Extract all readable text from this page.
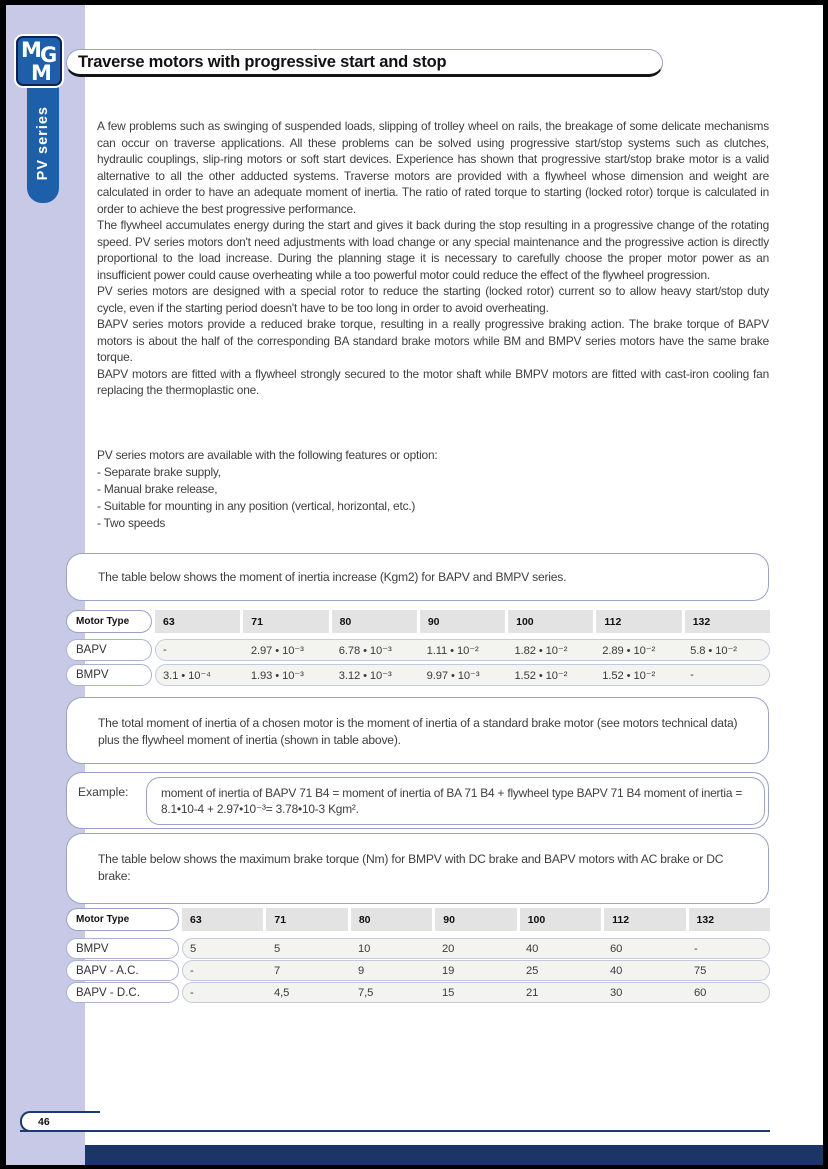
PV series
M
G
M Traverse motors with progressive start and stop

A few problems such as swinging of suspended loads, slipping of trolley wheel on rails, the breakage of some delicate mechanisms can occur on traverse applications. All these problems can be solved using progressive start/stop systems such as clutches, hydraulic couplings, slip-ring motors or soft start devices. Experience has shown that progressive start/stop brake motor is a valid alternative to all the other adducted systems. Traverse motors are provided with a flywheel whose dimension and weight are calculated in order to have an adequate moment of inertia. The ratio of rated torque to starting (locked rotor) torque is calculated in order to achieve the best progressive performance.

The flywheel accumulates energy during the start and gives it back during the stop resulting in a progressive change of the rotating speed. PV series motors don't need adjustments with load change or any special maintenance and the progressive action is directly proportional to the load increase. During the planning stage it is necessary to carefully choose the proper motor power as an insufficient power could cause overheating while a too powerful motor could reduce the effect of the flywheel progression.

PV series motors are designed with a special rotor to reduce the starting (locked rotor) current so to allow heavy start/stop duty cycle, even if the starting period doesn't have to be too long in order to avoid overheating.

BAPV series motors provide a reduced brake torque, resulting in a really progressive braking action. The brake torque of BAPV motors is about the half of the corresponding BA standard brake motors while BM and BMPV series motors have the same brake torque.

BAPV motors are fitted with a flywheel strongly secured to the motor shaft while BMPV motors are fitted with cast-iron cooling fan replacing the thermoplastic one.

PV series motors are available with the following features or option:
- Separate brake supply,
- Manual brake release,
- Suitable for mounting in any position (vertical, horizontal, etc.)
- Two speeds
The table below shows the moment of inertia increase (Kgm2) for BAPV and BMPV series.
Motor Type	63	71	80	90	100	112	132
BAPV	-	2.97 • 10⁻³	6.78 • 10⁻³	1.11 • 10⁻²	1.82 • 10⁻²	2.89 • 10⁻²	5.8 • 10⁻²
BMPV	3.1 • 10⁻⁴	1.93 • 10⁻³	3.12 • 10⁻³	9.97 • 10⁻³	1.52 • 10⁻²	1.52 • 10⁻²	-
The total moment of inertia of a chosen motor is the moment of inertia of a standard brake motor (see motors technical data) plus the flywheel moment of inertia (shown in table above).
Example:	moment of inertia of BAPV 71 B4 = moment of inertia of BA 71 B4 + flywheel type BAPV 71 B4 moment of inertia = 8.1•10-4 + 2.97•10⁻³= 3.78•10-3 Kgm².
The table below shows the maximum brake torque (Nm) for BMPV with DC brake and BAPV motors with AC brake or DC brake:
Motor Type	63	71	80	90	100	112	132
BMPV	5	5	10	20	40	60	-
BAPV - A.C.	-	7	9	19	25	40	75
BAPV - D.C.	-	4,5	7,5	15	21	30	60
46
